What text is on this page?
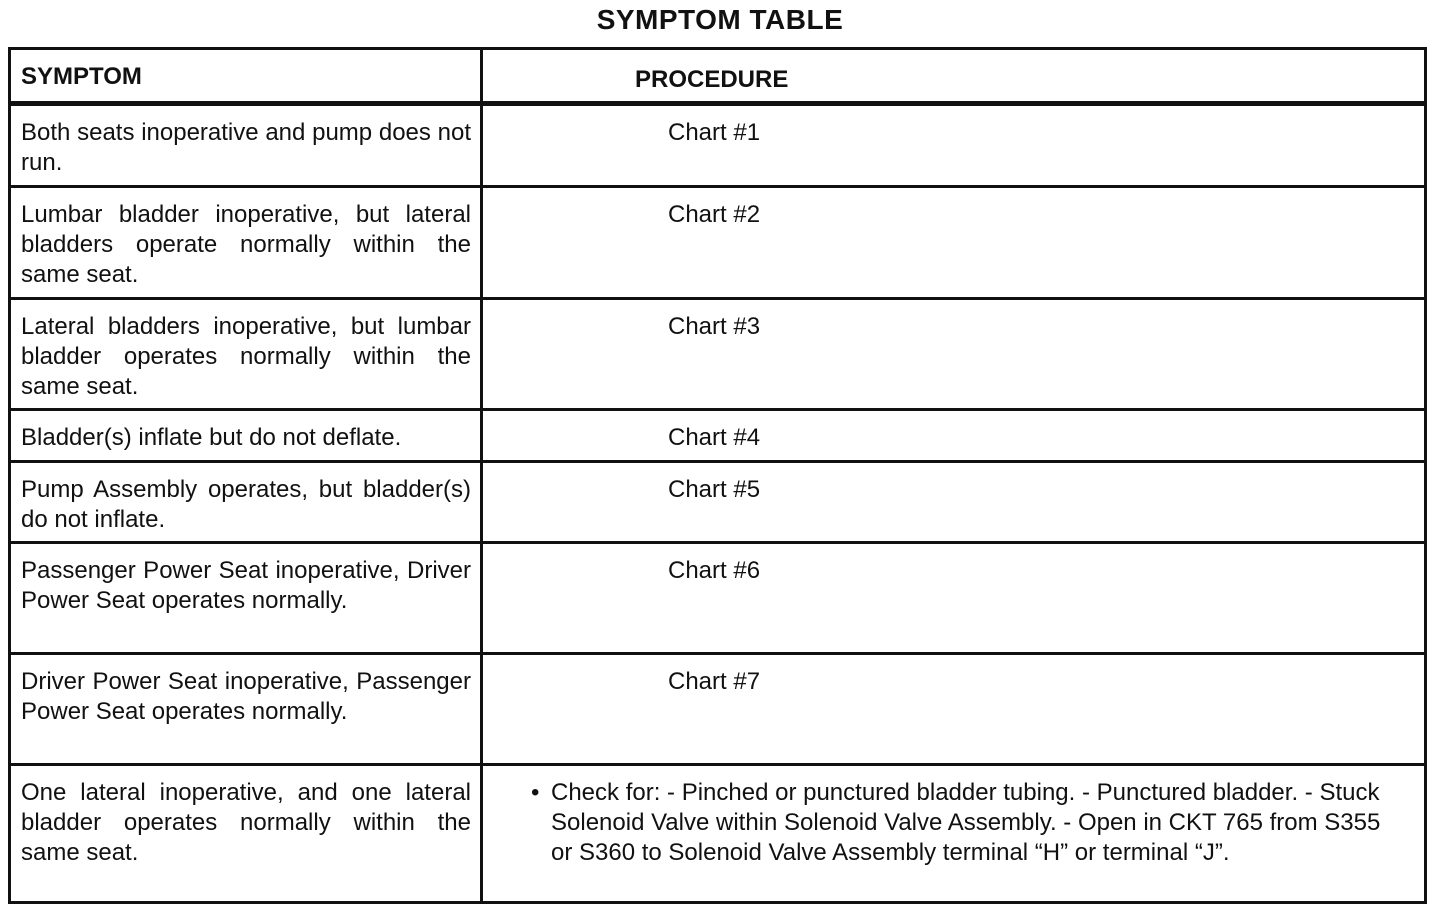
SYMPTOM TABLE
SYMPTOM	PROCEDURE
Both seats inoperative and pump does not run.
Chart #1
Lumbar bladder inoperative, but lateral bladders operate normally within the same seat.
Chart #2
Lateral bladders inoperative, but lumbar bladder operates normally within the same seat.
Chart #3
Bladder(s) inflate but do not deflate.	Chart #4
Pump Assembly operates, but bladder(s) do not inflate.
Chart #5
Passenger Power Seat inoperative, Driver Power Seat operates normally.
Chart #6
Driver Power Seat inoperative, Passenger Power Seat operates normally.
Chart #7
One lateral inoperative, and one lateral bladder operates normally within the same seat.
• Check for: - Pinched or punctured bladder tubing. - Punctured bladder. - Stuck Solenoid Valve within Solenoid Valve Assembly. - Open in CKT 765 from S355 or S360 to Solenoid Valve Assembly terminal “H” or terminal “J”.
